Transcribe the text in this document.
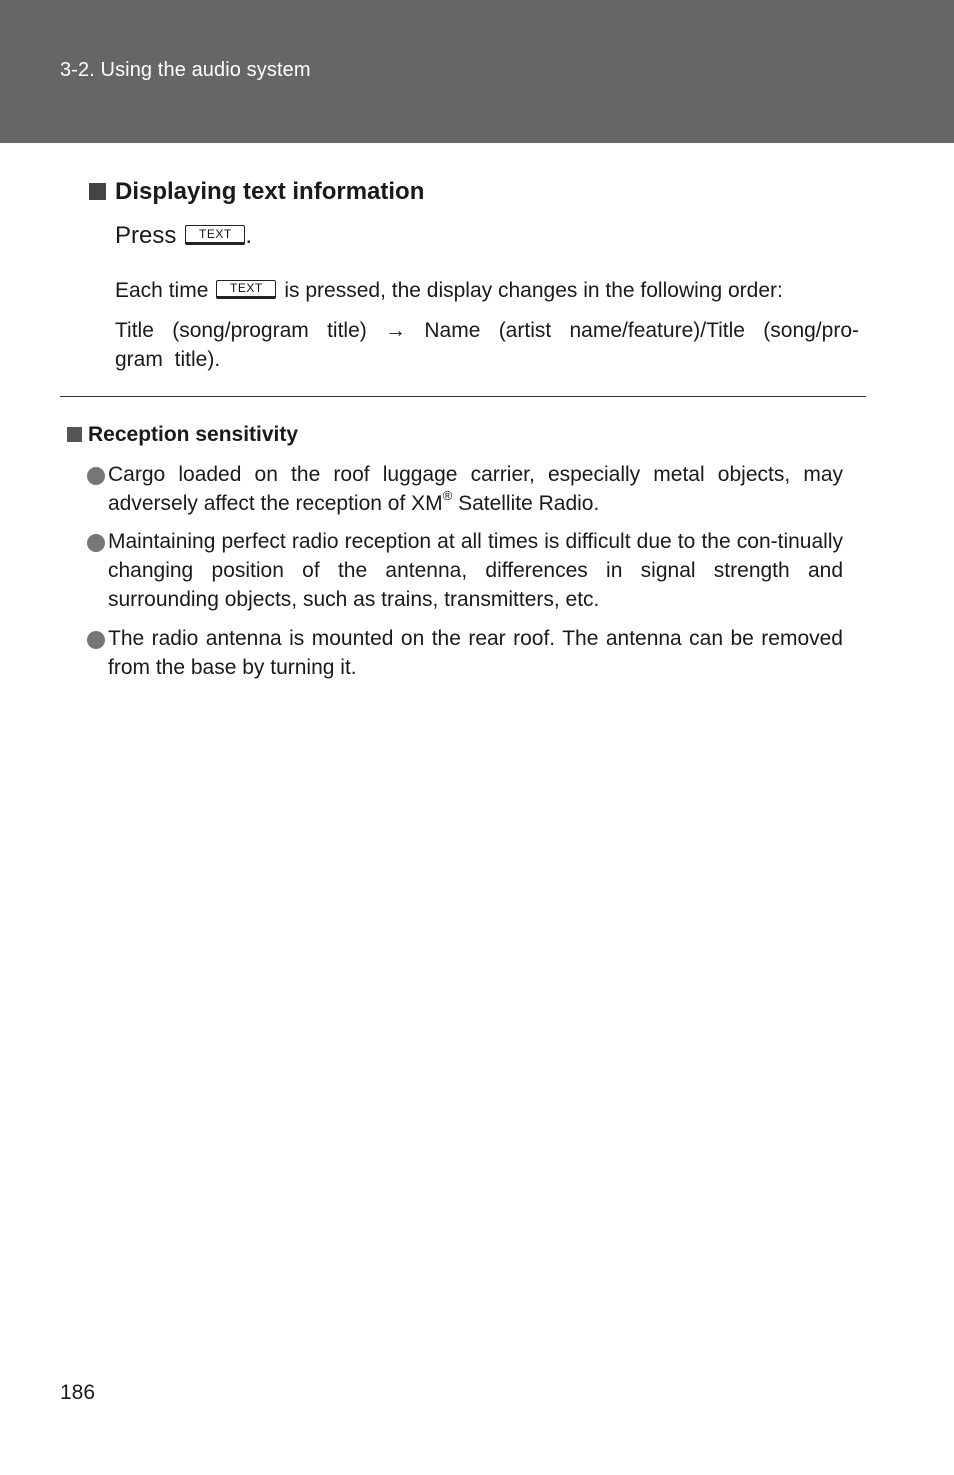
3-2. Using the audio system
Displaying text information
Press TEXT .
Each time TEXT is pressed, the display changes in the following order:
Title (song/program title) → Name (artist name/feature)/Title (song/pro-gram title).
Reception sensitivity
Cargo loaded on the roof luggage carrier, especially metal objects, may adversely affect the reception of XM® Satellite Radio.
Maintaining perfect radio reception at all times is difficult due to the con-tinually changing position of the antenna, differences in signal strength and surrounding objects, such as trains, transmitters, etc.
The radio antenna is mounted on the rear roof. The antenna can be removed from the base by turning it.
186
